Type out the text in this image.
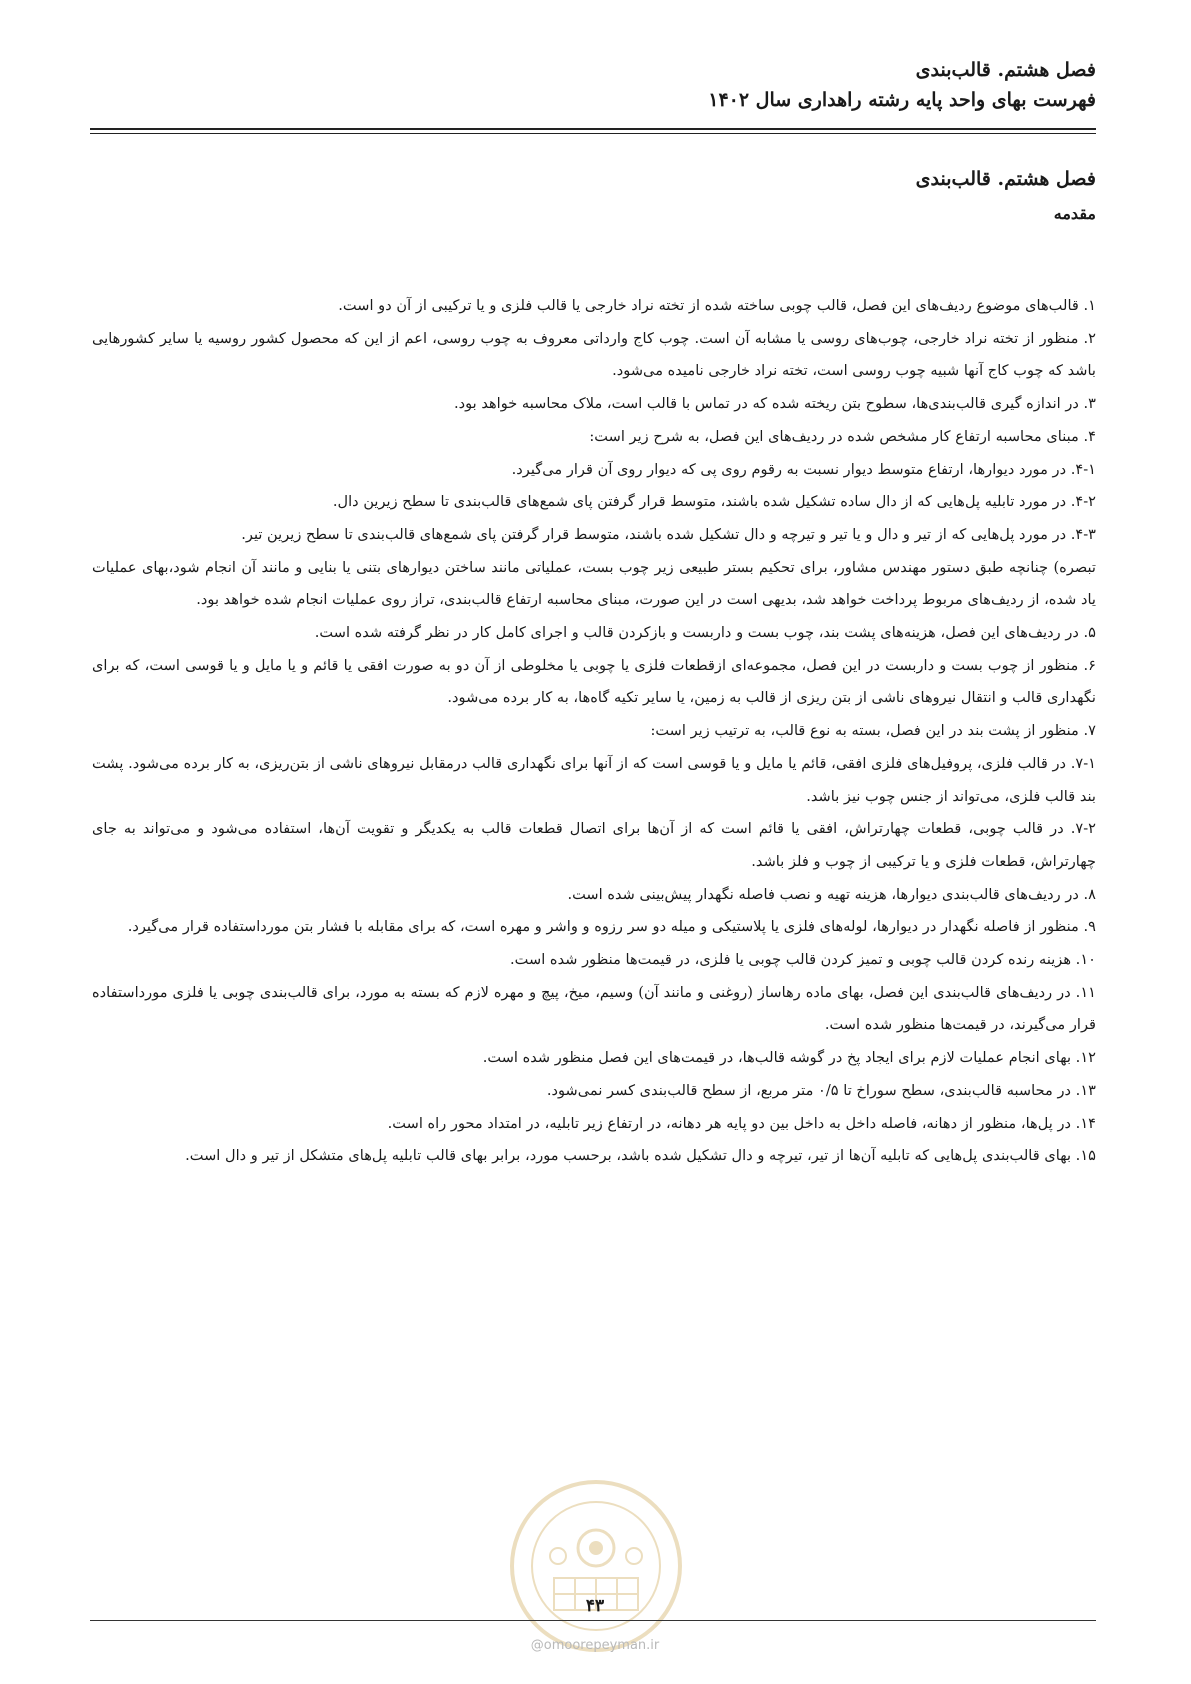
فصل هشتم. قالب‌بندی
فهرست بهای واحد پایه رشته راهداری سال ۱۴۰۲
فصل هشتم. قالب‌بندی
مقدمه

۱. قالب‌های موضوع ردیف‌های این فصل، قالب چوبی ساخته شده از تخته نراد خارجی یا قالب فلزی و یا ترکیبی از آن دو است.

۲. منظور از تخته نراد خارجی، چوب‌های روسی یا مشابه آن است. چوب کاج وارداتی معروف به چوب روسی، اعم از این که محصول کشور روسیه یا سایر کشورهایی باشد که چوب کاج آنها شبیه چوب روسی است، تخته نراد خارجی نامیده می‌شود.

۳. در اندازه گیری قالب‌بندی‌ها، سطوح بتن ریخته شده که در تماس با قالب است، ملاک محاسبه خواهد بود.

۴. مبنای محاسبه ارتفاع کار مشخص شده در ردیف‌های این فصل، به شرح زیر است:

۴-۱. در مورد دیوارها، ارتفاع متوسط دیوار نسبت به رقوم روی پی که دیوار روی آن قرار می‌گیرد.

۴-۲. در مورد تابلیه پل‌هایی که از دال ساده تشکیل شده باشند، متوسط قرار گرفتن پای شمع‌های قالب‌بندی تا سطح زیرین دال.

۴-۳. در مورد پل‌هایی که از تیر و دال و یا تیر و تیرچه و دال تشکیل شده باشند، متوسط قرار گرفتن پای شمع‌های قالب‌بندی تا سطح زیرین تیر.

تبصره) چنانچه طبق دستور مهندس مشاور، برای تحکیم بستر طبیعی زیر چوب بست، عملیاتی مانند ساختن دیوارهای بتنی یا بنایی و مانند آن انجام شود،بهای عملیات یاد شده، از ردیف‌های مربوط پرداخت خواهد شد، بدیهی است در این صورت، مبنای محاسبه ارتفاع قالب‌بندی، تراز روی عملیات انجام شده خواهد بود.

۵. در ردیف‌های این فصل، هزینه‌های پشت بند، چوب بست و داربست و بازکردن قالب و اجرای کامل کار در نظر گرفته شده است.

۶. منظور از چوب بست و داربست در این فصل، مجموعه‌ای ازقطعات فلزی یا چوبی یا مخلوطی از آن دو به صورت افقی یا قائم و یا مایل و یا قوسی است، که برای نگهداری قالب و انتقال نیروهای ناشی از بتن ریزی از قالب به زمین، یا سایر تکیه گاه‌ها، به کار برده می‌شود.

۷. منظور از پشت بند در این فصل، بسته به نوع قالب، به ترتیب زیر است:

۷-۱. در قالب فلزی، پروفیل‌های فلزی افقی، قائم یا مایل و یا قوسی است که از آنها برای نگهداری قالب درمقابل نیروهای ناشی از بتن‌ریزی، به کار برده می‌شود. پشت بند قالب فلزی، می‌تواند از جنس چوب نیز باشد.

۷-۲. در قالب چوبی، قطعات چهارتراش، افقی یا قائم است که از آن‌ها برای اتصال قطعات قالب به یکدیگر و تقویت آن‌ها، استفاده می‌شود و می‌تواند به جای چهارتراش، قطعات فلزی و یا ترکیبی از چوب و فلز باشد.

۸. در ردیف‌های قالب‌بندی دیوارها، هزینه تهیه و نصب فاصله نگهدار پیش‌بینی شده است.

۹. منظور از فاصله نگهدار در دیوارها، لوله‌های فلزی یا پلاستیکی و میله دو سر رزوه و واشر و مهره است، که برای مقابله با فشار بتن مورداستفاده قرار می‌گیرد.

۱۰. هزینه رنده کردن قالب چوبی و تمیز کردن قالب چوبی یا فلزی، در قیمت‌ها منظور شده است.

۱۱. در ردیف‌های قالب‌بندی این فصل، بهای ماده رهاساز (روغنی و مانند آن) وسیم، میخ، پیچ و مهره لازم که بسته به مورد، برای قالب‌بندی چوبی یا فلزی مورداستفاده قرار می‌گیرند، در قیمت‌ها منظور شده است.

۱۲. بهای انجام عملیات لازم برای ایجاد پخ در گوشه قالب‌ها، در قیمت‌های این فصل منظور شده است.

۱۳. در محاسبه قالب‌بندی، سطح سوراخ تا ۰/۵ متر مربع، از سطح قالب‌بندی کسر نمی‌شود.

۱۴. در پل‌ها، منظور از دهانه، فاصله داخل به داخل بین دو پایه هر دهانه، در ارتفاع زیر تابلیه، در امتداد محور راه است.

۱۵. بهای قالب‌بندی پل‌هایی که تابلیه آن‌ها از تیر، تیرچه و دال تشکیل شده باشد، برحسب مورد، برابر بهای قالب تابلیه پل‌های متشکل از تیر و دال است.

۴۳
@omoorepeyman.ir
